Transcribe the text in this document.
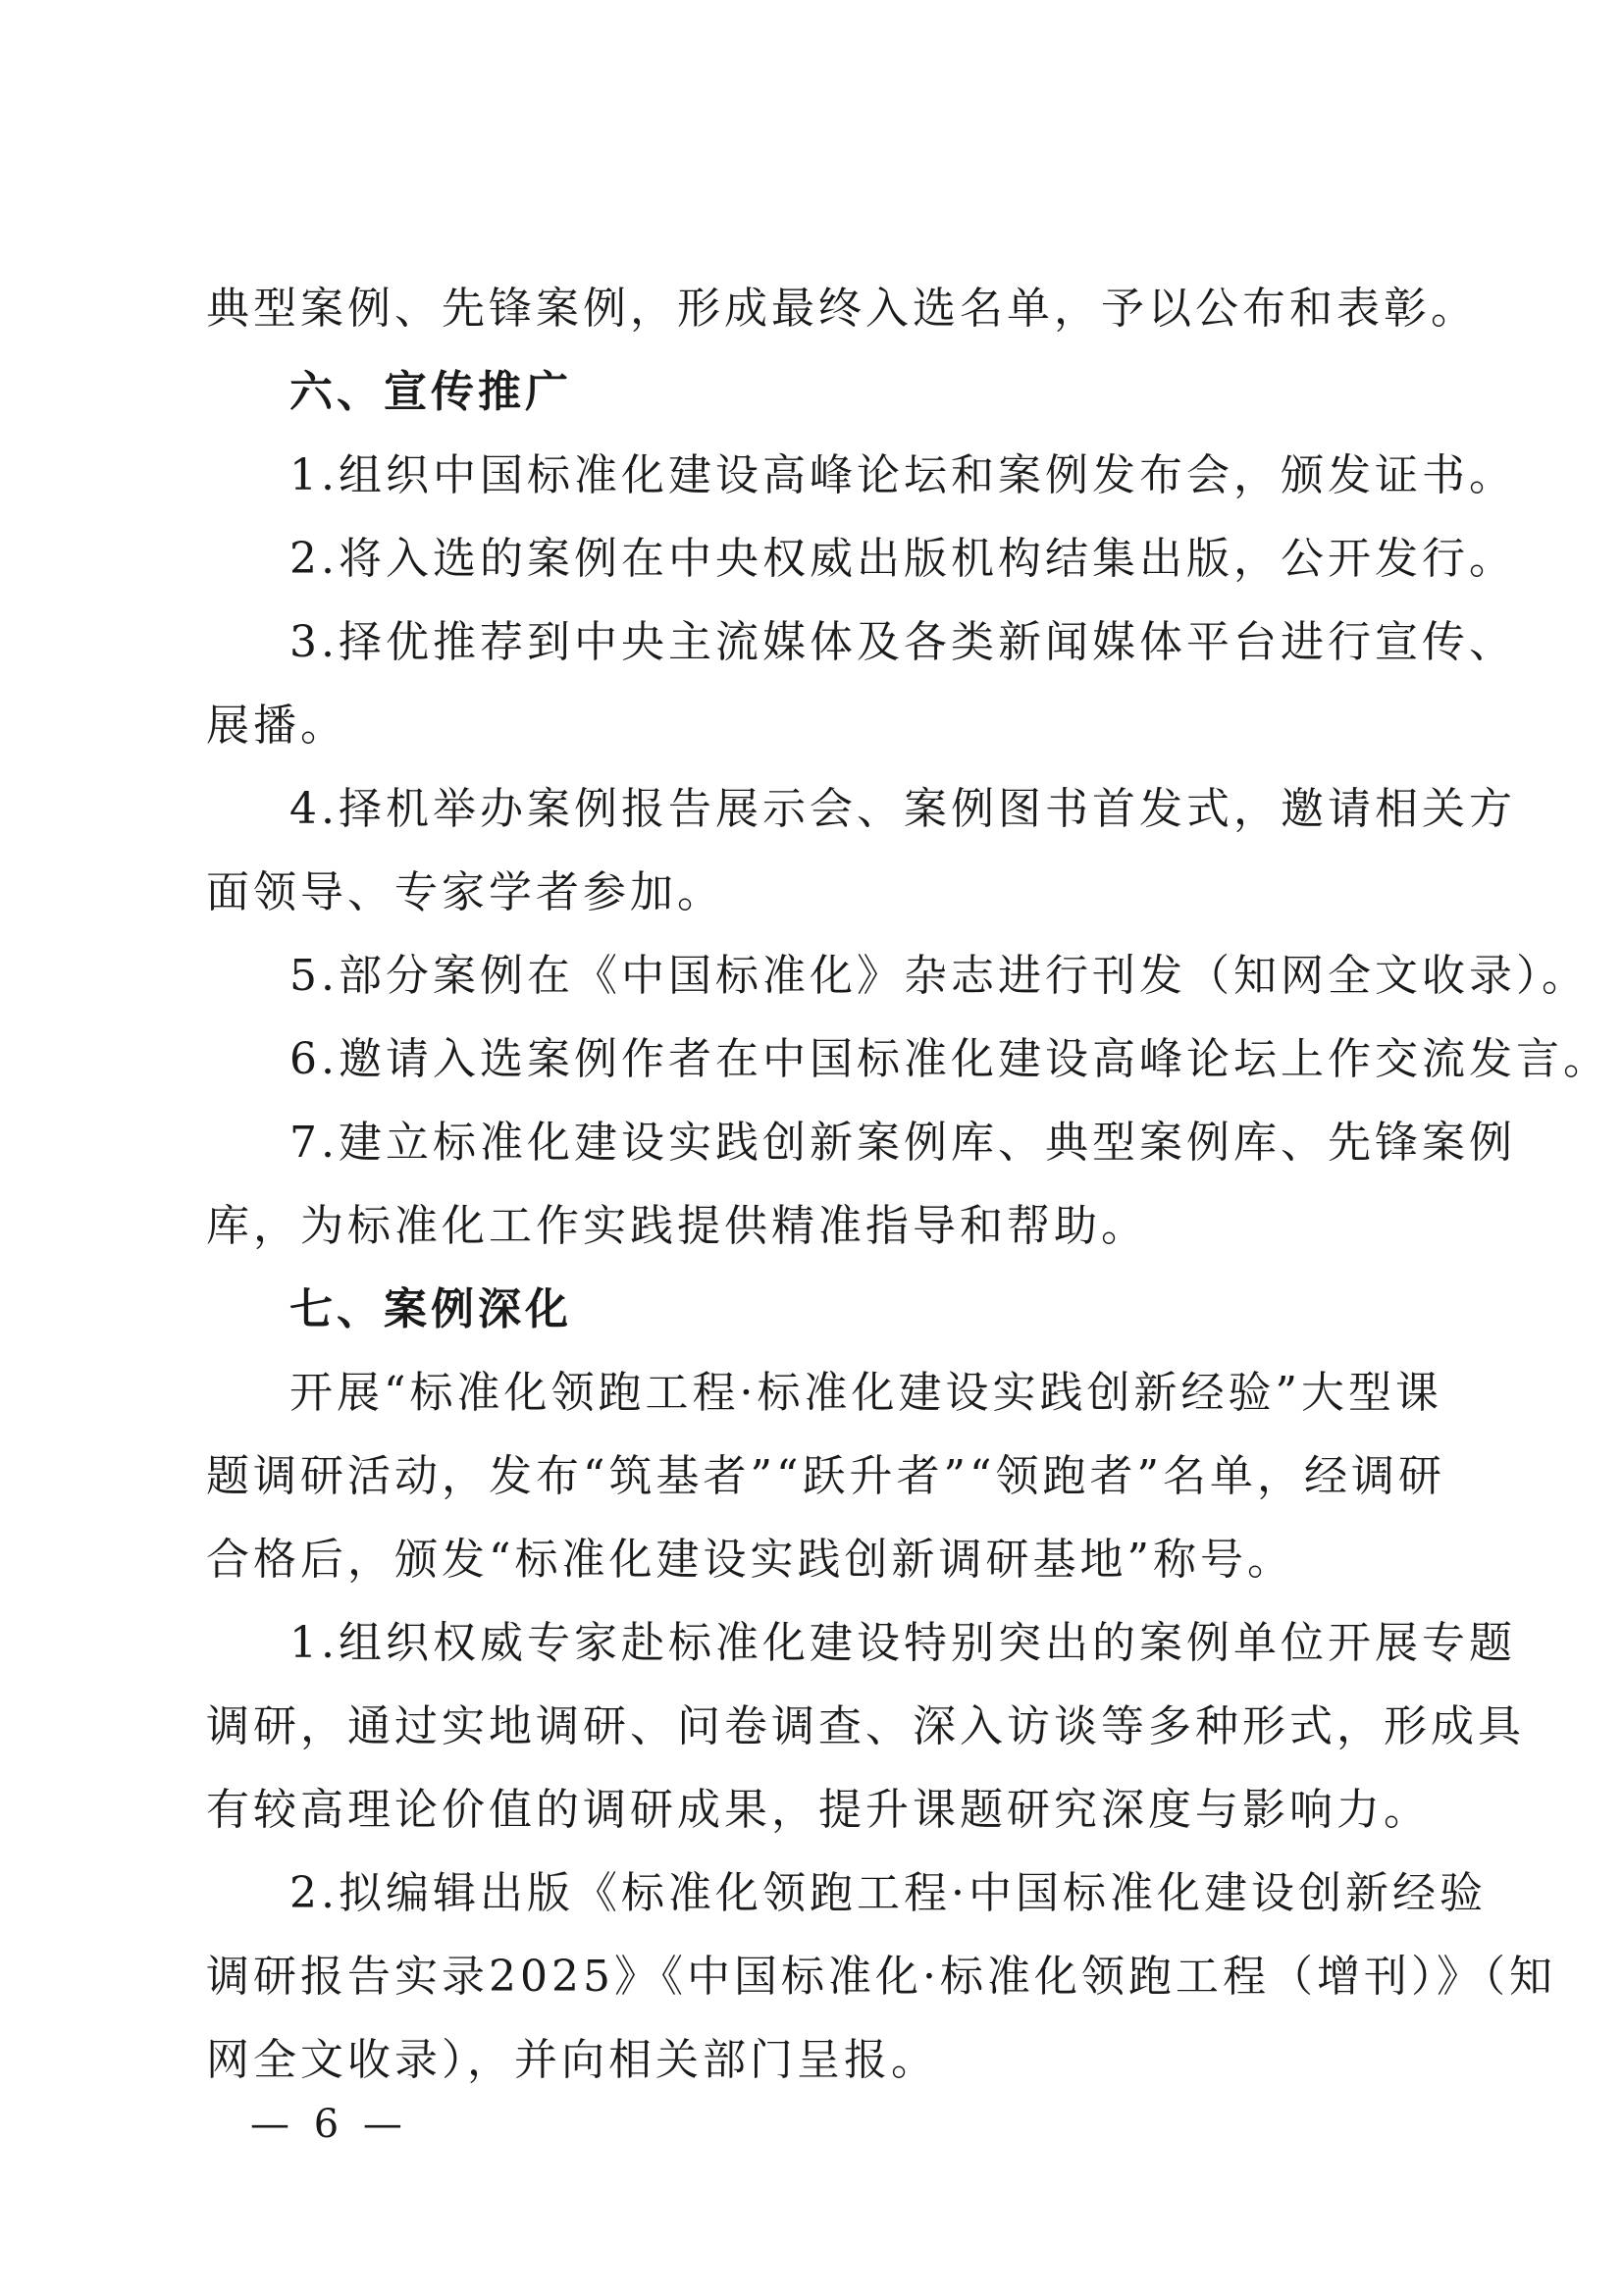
典型案例、先锋案例，形成最终入选名单，予以公布和表彰。
六、宣传推广
1.组织中国标准化建设高峰论坛和案例发布会，颁发证书。
2.将入选的案例在中央权威出版机构结集出版，公开发行。
3.择优推荐到中央主流媒体及各类新闻媒体平台进行宣传、
展播。
4.择机举办案例报告展示会、案例图书首发式，邀请相关方
面领导、专家学者参加。
5.部分案例在《中国标准化》杂志进行刊发（知网全文收录）。
6.邀请入选案例作者在中国标准化建设高峰论坛上作交流发言。
7.建立标准化建设实践创新案例库、典型案例库、先锋案例
库，为标准化工作实践提供精准指导和帮助。
七、案例深化
开展“标准化领跑工程·标准化建设实践创新经验”大型课
题调研活动，发布“筑基者”“跃升者”“领跑者”名单，经调研
合格后，颁发“标准化建设实践创新调研基地”称号。
1.组织权威专家赴标准化建设特别突出的案例单位开展专题
调研，通过实地调研、问卷调查、深入访谈等多种形式，形成具
有较高理论价值的调研成果，提升课题研究深度与影响力。
2.拟编辑出版《标准化领跑工程·中国标准化建设创新经验
调研报告实录2025》《中国标准化·标准化领跑工程（增刊）》（知
网全文收录），并向相关部门呈报。
— 6 —
